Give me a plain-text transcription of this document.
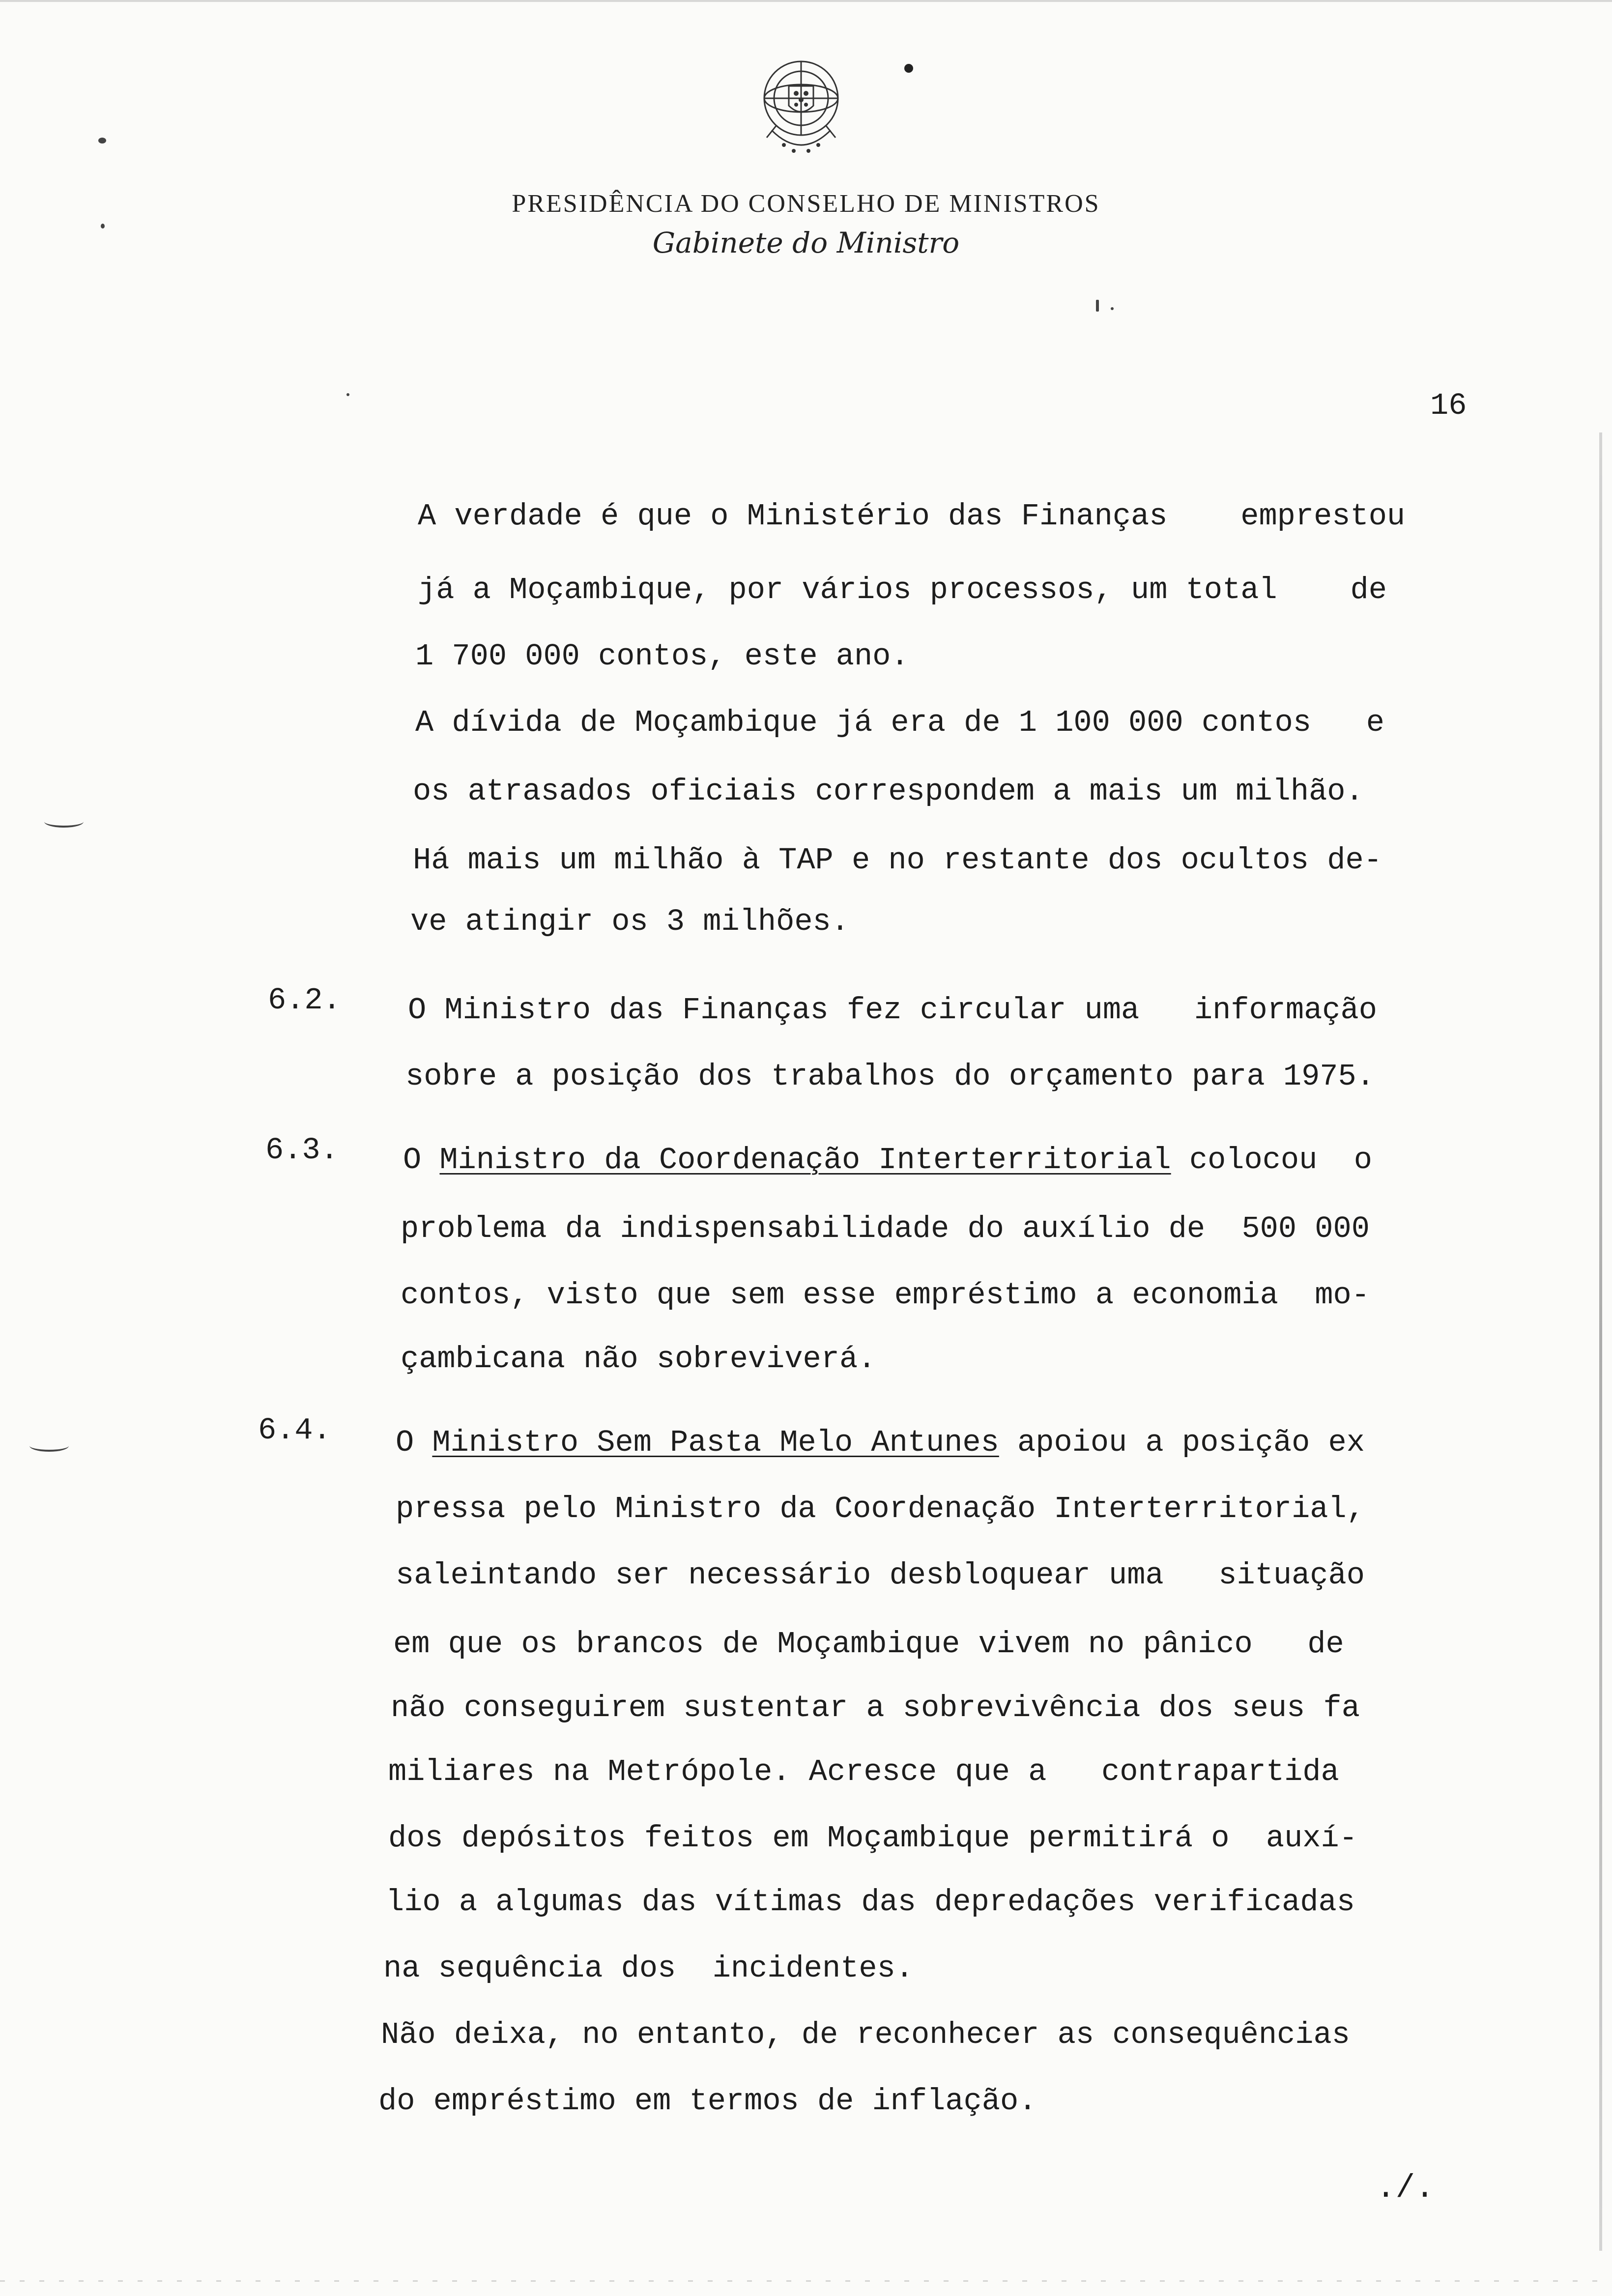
PRESIDÊNCIA DO CONSELHO DE MINISTROS
Gabinete do Ministro
16
A verdade é que o Ministério das Finanças    emprestou
já a Moçambique, por vários processos, um total    de
1 700 000 contos, este ano.
A dívida de Moçambique já era de 1 100 000 contos   e
os atrasados oficiais correspondem a mais um milhão.
Há mais um milhão à TAP e no restante dos ocultos de-
ve atingir os 3 milhões.
6.2. O Ministro das Finanças fez circular uma   informação
sobre a posição dos trabalhos do orçamento para 1975.
6.3. O Ministro da Coordenação Interterritorial colocou  o
problema da indispensabilidade do auxílio de  500 000
contos, visto que sem esse empréstimo a economia  mo-
çambicana não sobreviverá.
6.4. O Ministro Sem Pasta Melo Antunes apoiou a posição ex
pressa pelo Ministro da Coordenação Interterritorial,
saleintando ser necessário desbloquear uma   situação
em que os brancos de Moçambique vivem no pânico   de
não conseguirem sustentar a sobrevivência dos seus fa
miliares na Metrópole. Acresce que a   contrapartida
dos depósitos feitos em Moçambique permitirá o  auxí-
lio a algumas das vítimas das depredações verificadas
na sequência dos  incidentes.
Não deixa, no entanto, de reconhecer as consequências
do empréstimo em termos de inflação.
./.
